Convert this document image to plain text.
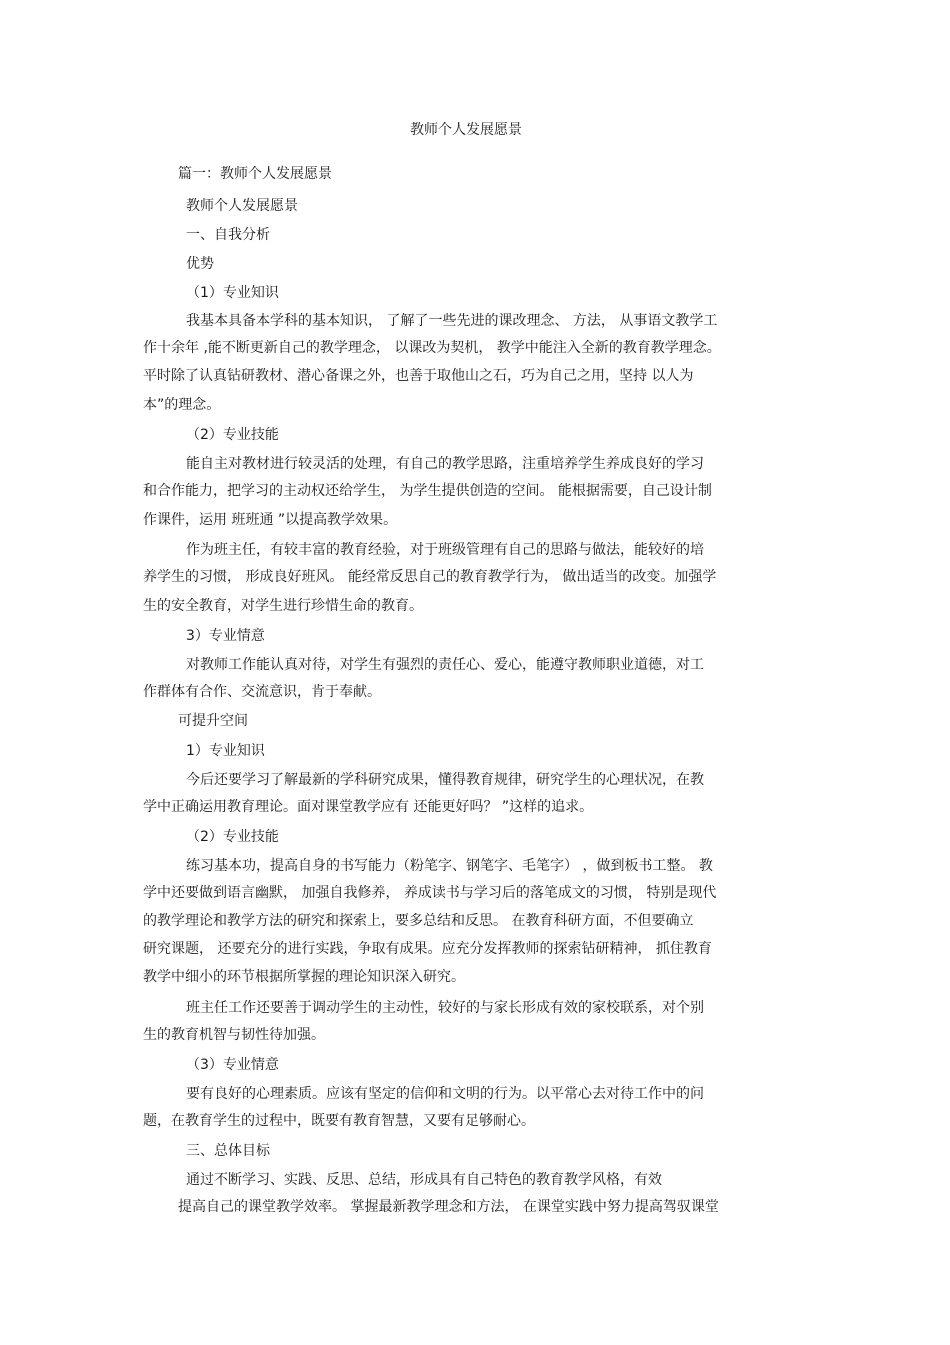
教师个人发展愿景
篇一：教师个人发展愿景
教师个人发展愿景
一、自我分析
优势
（1）专业知识
我基本具备本学科的基本知识， 了解了一些先进的课改理念、 方法， 从事语文教学工
作十余年 ,能不断更新自己的教学理念， 以课改为契机， 教学中能注入全新的教育教学理念。
平时除了认真钻研教材、潜心备课之外，也善于取他山之石，巧为自己之用，坚持 以人为
本”的理念。
（2）专业技能
能自主对教材进行较灵活的处理，有自己的教学思路，注重培养学生养成良好的学习
和合作能力，把学习的主动权还给学生， 为学生提供创造的空间。 能根据需要，自己设计制
作课件，运用 班班通 ”以提高教学效果。
作为班主任，有较丰富的教育经验，对于班级管理有自己的思路与做法，能较好的培
养学生的习惯， 形成良好班风。 能经常反思自己的教育教学行为， 做出适当的改变。加强学
生的安全教育，对学生进行珍惜生命的教育。
3）专业情意
对教师工作能认真对待，对学生有强烈的责任心、爱心，能遵守教师职业道德，对工
作群体有合作、交流意识，肯于奉献。
可提升空间
1）专业知识
今后还要学习了解最新的学科研究成果，懂得教育规律，研究学生的心理状况，在教
学中正确运用教育理论。面对课堂教学应有 还能更好吗？ ”这样的追求。
（2）专业技能
练习基本功，提高自身的书写能力（粉笔字、钢笔字、毛笔字） ，做到板书工整。 教
学中还要做到语言幽默， 加强自我修养， 养成读书与学习后的落笔成文的习惯， 特别是现代
的教学理论和教学方法的研究和探索上，要多总结和反思。 在教育科研方面，不但要确立
研究课题， 还要充分的进行实践，争取有成果。应充分发挥教师的探索钻研精神， 抓住教育
教学中细小的环节根据所掌握的理论知识深入研究。
班主任工作还要善于调动学生的主动性，较好的与家长形成有效的家校联系，对个别
生的教育机智与韧性待加强。
（3）专业情意
要有良好的心理素质。应该有坚定的信仰和文明的行为。以平常心去对待工作中的问
题，在教育学生的过程中，既要有教育智慧，又要有足够耐心。
三、总体目标
通过不断学习、实践、反思、总结，形成具有自己特色的教育教学风格，有效
提高自己的课堂教学效率。 掌握最新教学理念和方法， 在课堂实践中努力提高驾驭课堂
